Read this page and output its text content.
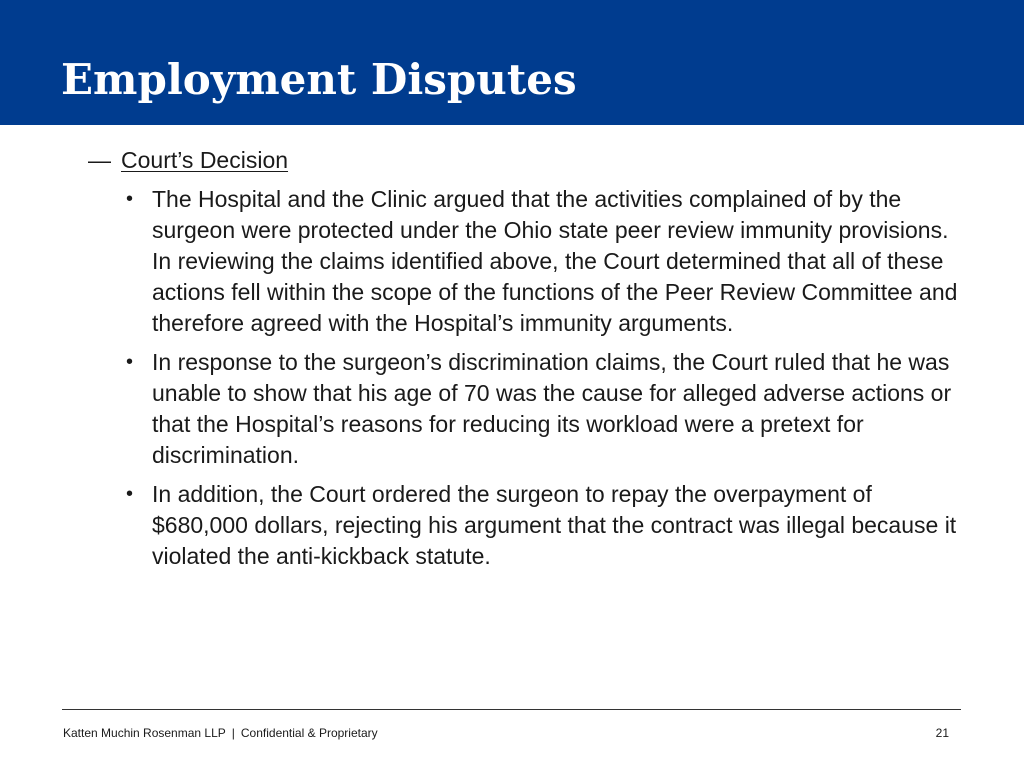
Employment Disputes
— Court’s Decision
• The Hospital and the Clinic argued that the activities complained of by the surgeon were protected under the Ohio state peer review immunity provisions. In reviewing the claims identified above, the Court determined that all of these actions fell within the scope of the functions of the Peer Review Committee and therefore agreed with the Hospital’s immunity arguments.
• In response to the surgeon’s discrimination claims, the Court ruled that he was unable to show that his age of 70 was the cause for alleged adverse actions or that the Hospital’s reasons for reducing its workload were a pretext for discrimination.
• In addition, the Court ordered the surgeon to repay the overpayment of $680,000 dollars, rejecting his argument that the contract was illegal because it violated the anti-kickback statute.
Katten Muchin Rosenman LLP | Confidential & Proprietary	21
